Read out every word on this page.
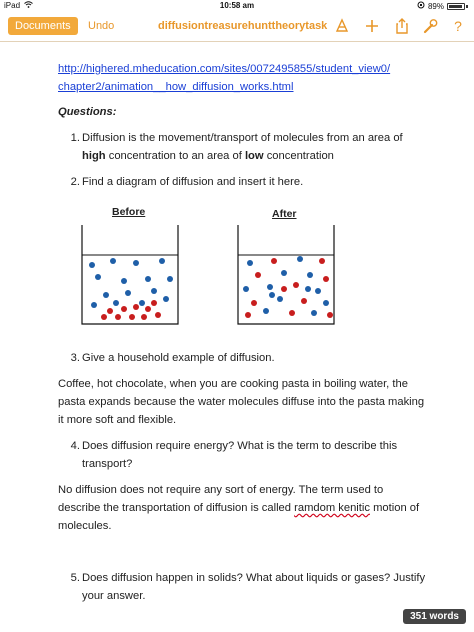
iPad	10:58 am	89%
Documents	Undo	diffusiontreasurehunttheorytask	?
http://highered.mheducation.com/sites/0072495855/student_view0/
chapter2/animation__how_diffusion_works.html
Questions:
1. Diffusion is the movement/transport of molecules from an area of high concentration to an area of low concentration
2. Find a diagram of diffusion and insert it here.
Before	After
3. Give a household example of diffusion.
Coffee, hot chocolate, when you are cooking pasta in boiling water, the pasta expands because the water molecules diffuse into the pasta making it more soft and flexible.
4. Does diffusion require energy? What is the term to describe this transport?
No diffusion does not require any sort of energy. The term used to describe the transportation of diffusion is called ramdom kenitic motion of molecules.
5. Does diffusion happen in solids? What about liquids or gases? Justify your answer.
351 words
